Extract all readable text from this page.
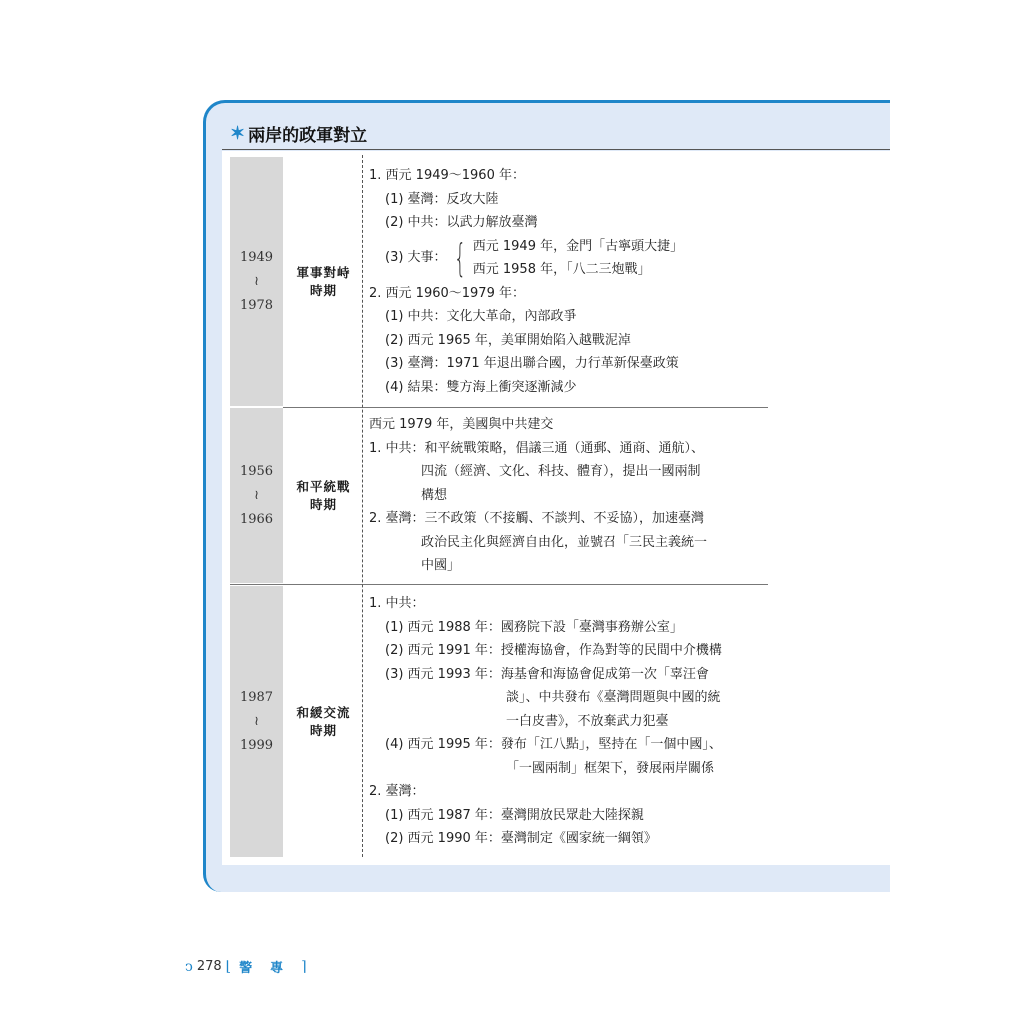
✶ 兩岸的政軍對立
1949
≀
1978
軍事對峙
時期
1. 西元 1949～1960 年：
(1) 臺灣：反攻大陸
(2) 中共：以武力解放臺灣
(3) 大事： { 西元 1949 年，金門「古寧頭大捷」
西元 1958 年，「八二三炮戰」
2. 西元 1960～1979 年：
(1) 中共：文化大革命，內部政爭
(2) 西元 1965 年，美軍開始陷入越戰泥淖
(3) 臺灣：1971 年退出聯合國，力行革新保臺政策
(4) 結果：雙方海上衝突逐漸減少
1956
≀
1966
和平統戰
時期
西元 1979 年，美國與中共建交
1. 中共：和平統戰策略，倡議三通（通郵、通商、通航）、
四流（經濟、文化、科技、體育），提出一國兩制
構想
2. 臺灣：三不政策（不接觸、不談判、不妥協），加速臺灣
政治民主化與經濟自由化，並號召「三民主義統一
中國」
1987
≀
1999
和緩交流
時期
1. 中共：
(1) 西元 1988 年：國務院下設「臺灣事務辦公室」
(2) 西元 1991 年：授權海協會，作為對等的民間中介機構
(3) 西元 1993 年：海基會和海協會促成第一次「辜汪會
談」、中共發布《臺灣問題與中國的統
一白皮書》，不放棄武力犯臺
(4) 西元 1995 年：發布「江八點」，堅持在「一個中國」、
「一國兩制」框架下，發展兩岸關係
2. 臺灣：
(1) 西元 1987 年：臺灣開放民眾赴大陸探親
(2) 西元 1990 年：臺灣制定《國家統一綱領》
ↄ 278 ⌊ 警專 ⌉
